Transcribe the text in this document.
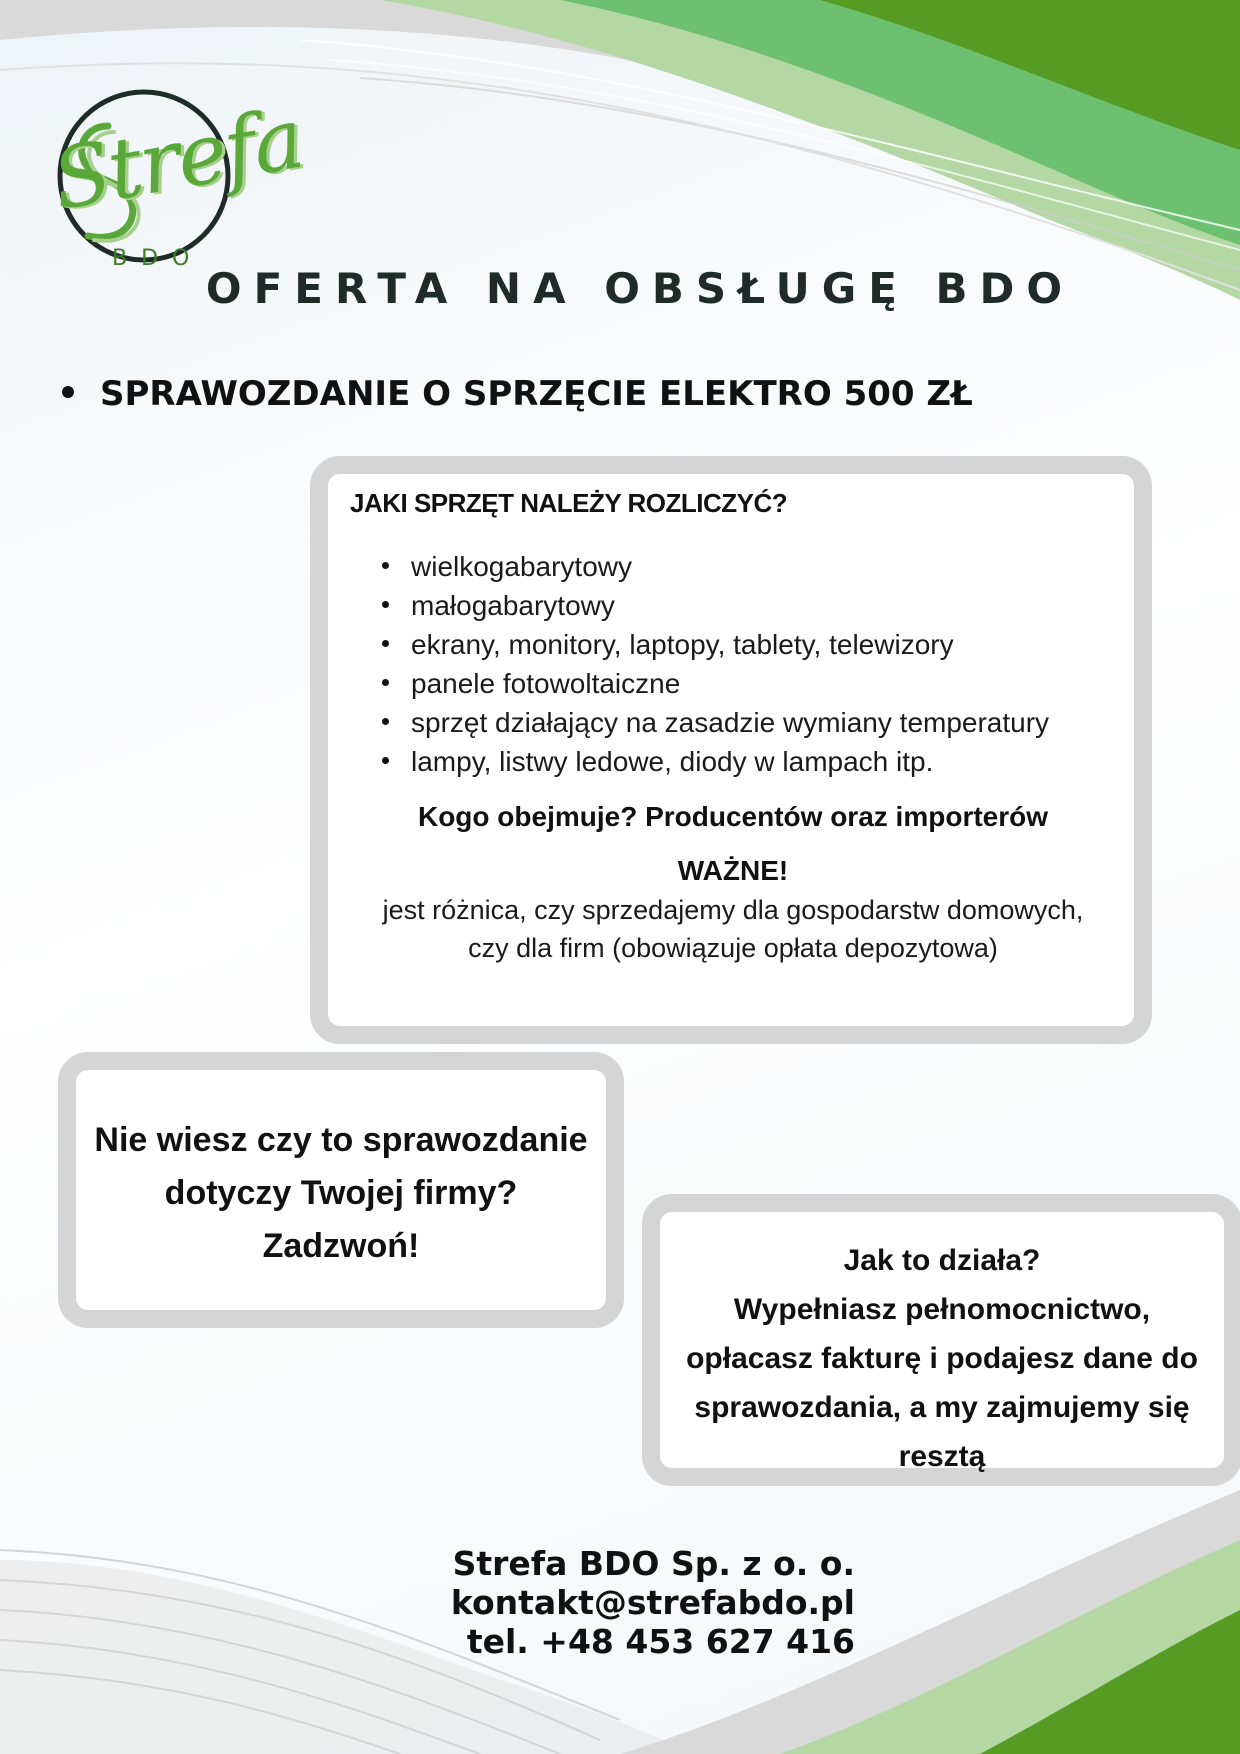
Strefa
BDO
OFERTA NA OBSŁUGĘ BDO
SPRAWOZDANIE O SPRZĘCIE ELEKTRO 500 ZŁ

JAKI SPRZĘT NALEŻY ROZLICZYĆ?

wielkogabarytowy
małogabarytowy
ekrany, monitory, laptopy, tablety, telewizory
panele fotowoltaiczne
sprzęt działający na zasadzie wymiany temperatury
lampy, listwy ledowe, diody w lampach itp.

Kogo obejmuje? Producentów oraz importerów

WAŻNE!

jest różnica, czy sprzedajemy dla gospodarstw domowych,
czy dla firm (obowiązuje opłata depozytowa)

Nie wiesz czy to sprawozdanie
dotyczy Twojej firmy?
Zadzwoń!	Jak to działa?
Wypełniasz pełnomocnictwo,
opłacasz fakturę i podajesz dane do
sprawozdania, a my zajmujemy się
resztą
Strefa BDO Sp. z o. o.
kontakt@strefabdo.pl
tel. +48 453 627 416
